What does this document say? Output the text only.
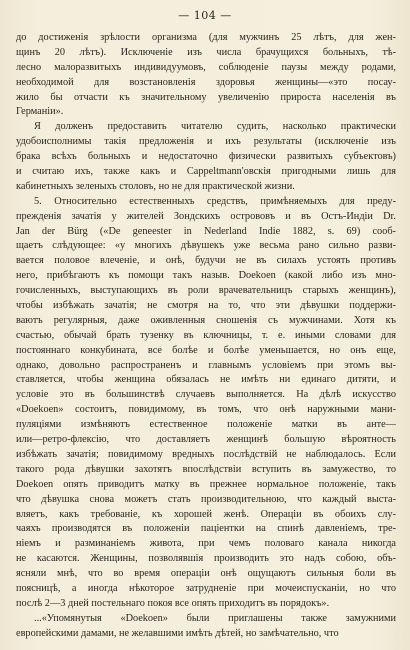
— 104 —
до достиженія зрѣлости организма (для мужчинъ 25 лѣтъ, для жен-
щинъ 20 лѣтъ). Исключеніе изъ числа брачущихся больныхъ, тѣ-
лесно малоразвитыхъ индивидуумовъ, соблюденіе паузы между родами,
необходимой для возстановленія здоровья женщины—«это посау-
жило бы отчасти къ значительному увеличенію прироста населенія въ
Германіи».
Я долженъ предоставить читателю судить, насколько практически
удобоисполнимы такія предложенія и ихъ результаты (исключеніе изъ
брака всѣхъ больныхъ и недостаточно физически развитыхъ субъектовъ)
и считаю ихъ, также какъ и Cappeltmann'овскія пригодными лишь для
кабинетныхъ зеленыхъ столовъ, но не для практической жизни.
5. Относительно естественныхъ средствъ, примѣняемыхъ для преду-
прежденія зачатія у жителей Зондскихъ острововъ и въ Остъ-Индіи Dr.
Jan der Bürg («De geneester in Nederland Indie 1882, s. 69) сооб-
щаетъ слѣдующее: «у многихъ дѣвушекъ уже весьма рано сильно разви-
вается половое влеченіе, и онѣ, будучи не въ силахъ устоять противъ
него, прибѣгаютъ къ помощи такъ назыв. Doekoen (какой либо изъ мно-
гочисленныхъ, выступающихъ въ роли врачевательницъ старыхъ женщинъ),
чтобы избѣжать зачатія; не смотря на то, что эти дѣвушки поддержи-
ваютъ регулярныя, даже оживленныя сношенія съ мужчинами. Хотя къ
счастью, обычай брать тузенку въ ключницы, т. е. иными словами для
постояннаго конкубината, все болѣе и болѣе уменьшается, но онъ еще,
однако, довольно распространенъ и главнымъ условіемъ при этомъ вы-
ставляется, чтобы женщина обязалась не имѣть ни единаго дитяти, и
условіе это въ большинствѣ случаевъ выполняется. На дѣлѣ искусство
«Doekoen» состоитъ, повидимому, въ томъ, что онѣ наружными мани-
пуляціями измѣняютъ естественное положеніе матки въ анте—
или—ретро-флексію, что доставляетъ женщинѣ большую вѣроятность
избѣжать зачатія; повидимому вредныхъ послѣдствій не наблюдалось. Если
такого рода дѣвушки захотятъ впослѣдствіи вступить въ замужество, то
Doekoen опять приводитъ матку въ прежнее нормальное положеніе, такъ
что дѣвушка снова можетъ стать производительною, что каждый выста-
вляетъ, какъ требованіе, къ хорошей женѣ. Операціи въ обоихъ слу-
чаяхъ производятся въ положеніи паціентки на спинѣ давленіемъ, тре-
ніемъ и разминаніемъ живота, при чемъ половаго канала никогда
не касаются. Женщины, позволявшія производить это надъ собою, объ-
ясняли мнѣ, что во время операціи онѣ ощущаютъ сильныя боли въ
поясницѣ, а иногда нѣкоторое затрудненіе при мочеиспусканіи, но что
послѣ 2—3 дней постельнаго покоя все опять приходитъ въ порядокъ».
...«Упомянутыя «Doekoen» были приглашены также замужними
европейскими дамами, не желавшими имѣть дѣтей, но замѣчательно, что
